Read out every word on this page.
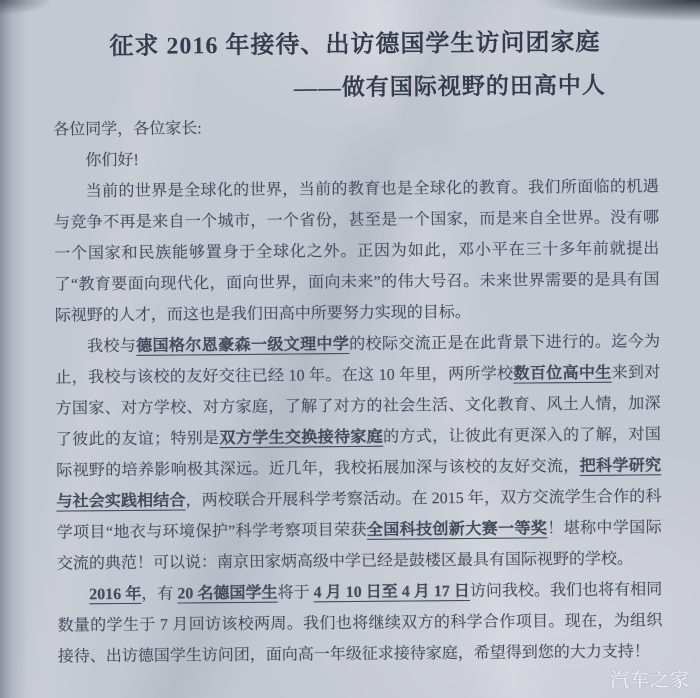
征求 2016 年接待、出访德国学生访问团家庭
——做有国际视野的田高中人

各位同学，各位家长:

你们好!

当前的世界是全球化的世界，当前的教育也是全球化的教育。我们所面临的机遇与竞争不再是来自一个城市，一个省份，甚至是一个国家，而是来自全世界。没有哪一个国家和民族能够置身于全球化之外。正因为如此，邓小平在三十多年前就提出了“教育要面向现代化，面向世界，面向未来”的伟大号召。未来世界需要的是具有国际视野的人才，而这也是我们田高中所要努力实现的目标。

我校与德国格尔恩豪森一级文理中学的校际交流正是在此背景下进行的。迄今为止，我校与该校的友好交往已经 10 年。在这 10 年里，两所学校数百位高中生来到对方国家、对方学校、对方家庭，了解了对方的社会生活、文化教育、风土人情，加深了彼此的友谊；特别是双方学生交换接待家庭的方式，让彼此有更深入的了解，对国际视野的培养影响极其深远。近几年，我校拓展加深与该校的友好交流，把科学研究与社会实践相结合，两校联合开展科学考察活动。在 2015 年，双方交流学生合作的科学项目“地衣与环境保护”科学考察项目荣获全国科技创新大赛一等奖！堪称中学国际交流的典范！可以说：南京田家炳高级中学已经是鼓楼区最具有国际视野的学校。

2016 年，有 20 名德国学生将于 4 月 10 日至 4 月 17 日访问我校。我们也将有相同数量的学生于 7 月回访该校两周。我们也将继续双方的科学合作项目。现在，为组织接待、出访德国学生访问团，面向高一年级征求接待家庭，希望得到您的大力支持！

汽车之家
